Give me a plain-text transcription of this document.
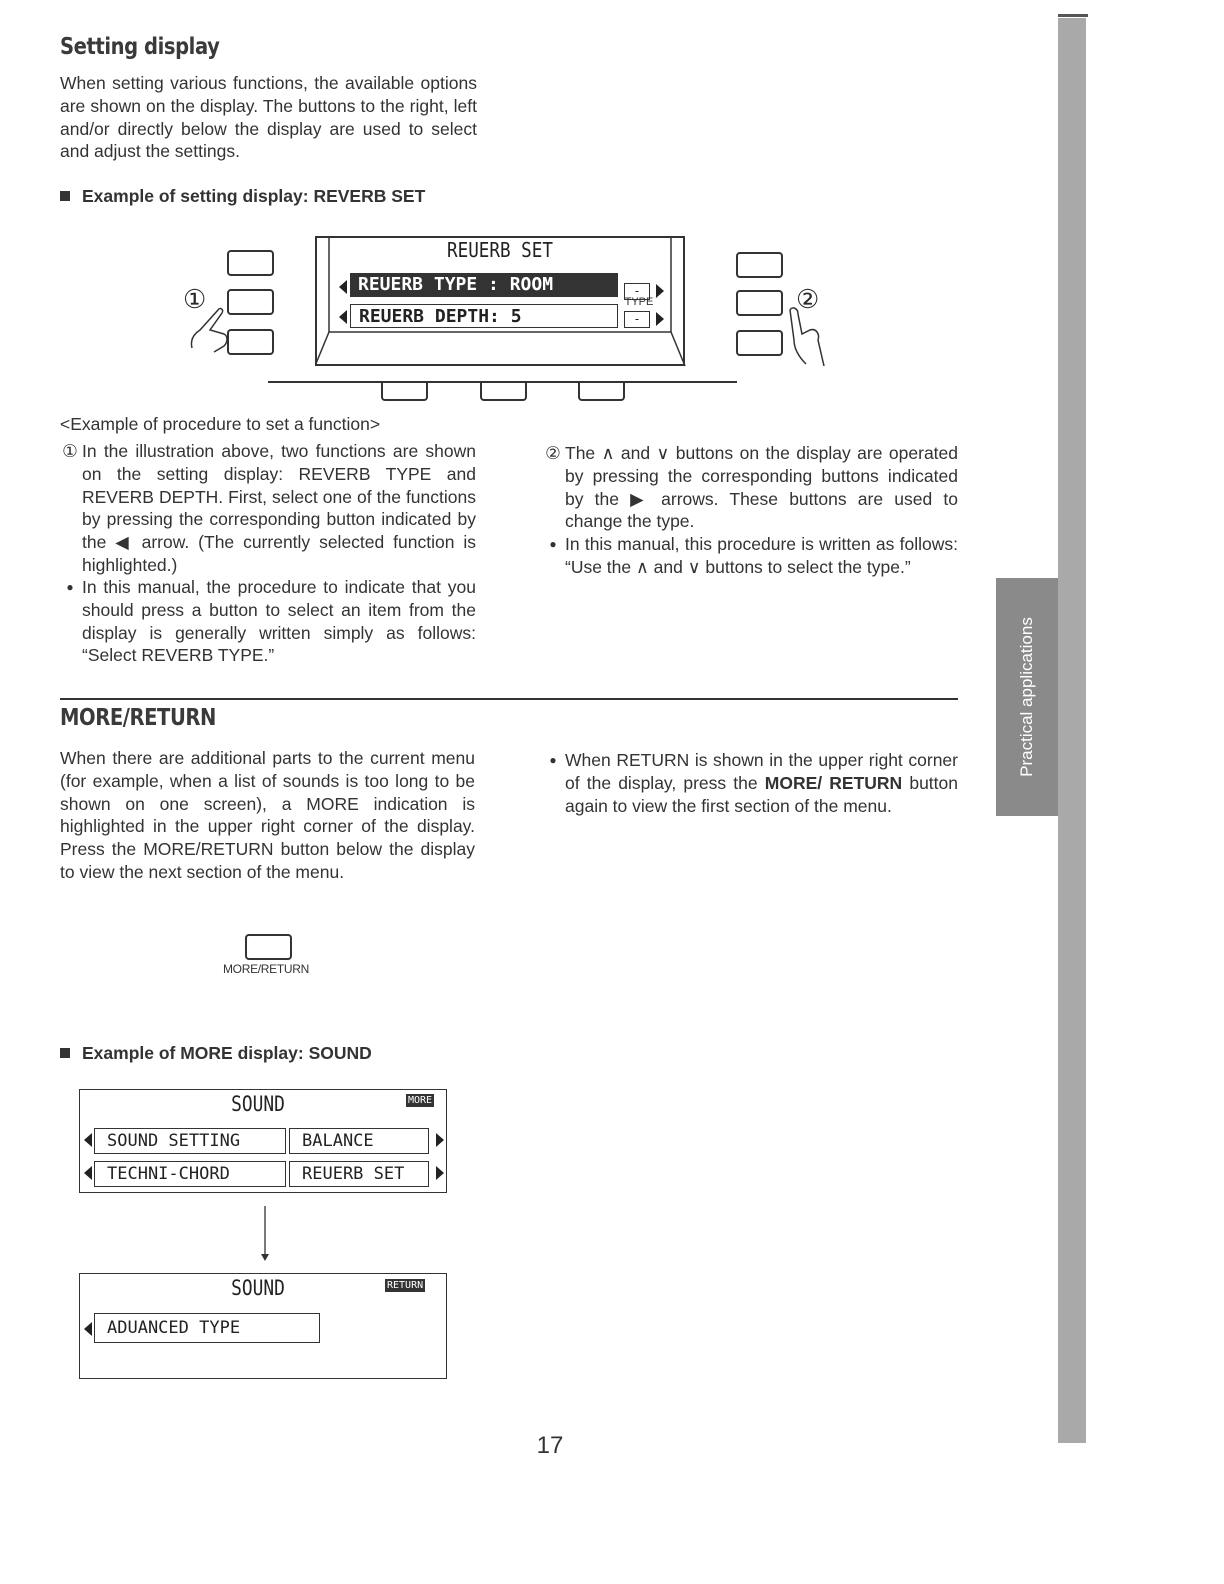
Practical applications
Setting display

When setting various functions, the available options are shown on the display. The buttons to the right, left and/or directly below the display are used to select and adjust the settings.

Example of setting display: REVERB SET
①
REUERB SET
REUERB TYPE : ROOM
REUERB DEPTH: 5
-
TYPE
-
②
<Example of procedure to set a function>
① In the illustration above, two functions are shown on the setting display: REVERB TYPE and REVERB DEPTH. First, select one of the functions by pressing the corresponding button indicated by the ◀ arrow. (The currently selected function is highlighted.)
● In this manual, the procedure to indicate that you should press a button to select an item from the display is generally written simply as follows: “Select REVERB TYPE.”
② The ∧ and ∨ buttons on the display are operated by pressing the corresponding buttons indicated by the ▶ arrows. These buttons are used to change the type.
● In this manual, this procedure is written as follows: “Use the ∧ and ∨ buttons to select the type.”
MORE/RETURN

When there are additional parts to the current menu (for example, when a list of sounds is too long to be shown on one screen), a MORE indication is highlighted in the upper right corner of the display. Press the MORE/RETURN button below the display to view the next section of the menu.

● When RETURN is shown in the upper right corner of the display, press the MORE/ RETURN button again to view the first section of the menu.
MORE/RETURN
Example of MORE display: SOUND
SOUND	MORE
SOUND SETTING	BALANCE
TECHNI-CHORD	REUERB SET
SOUND	RETURN
ADUANCED TYPE
17
